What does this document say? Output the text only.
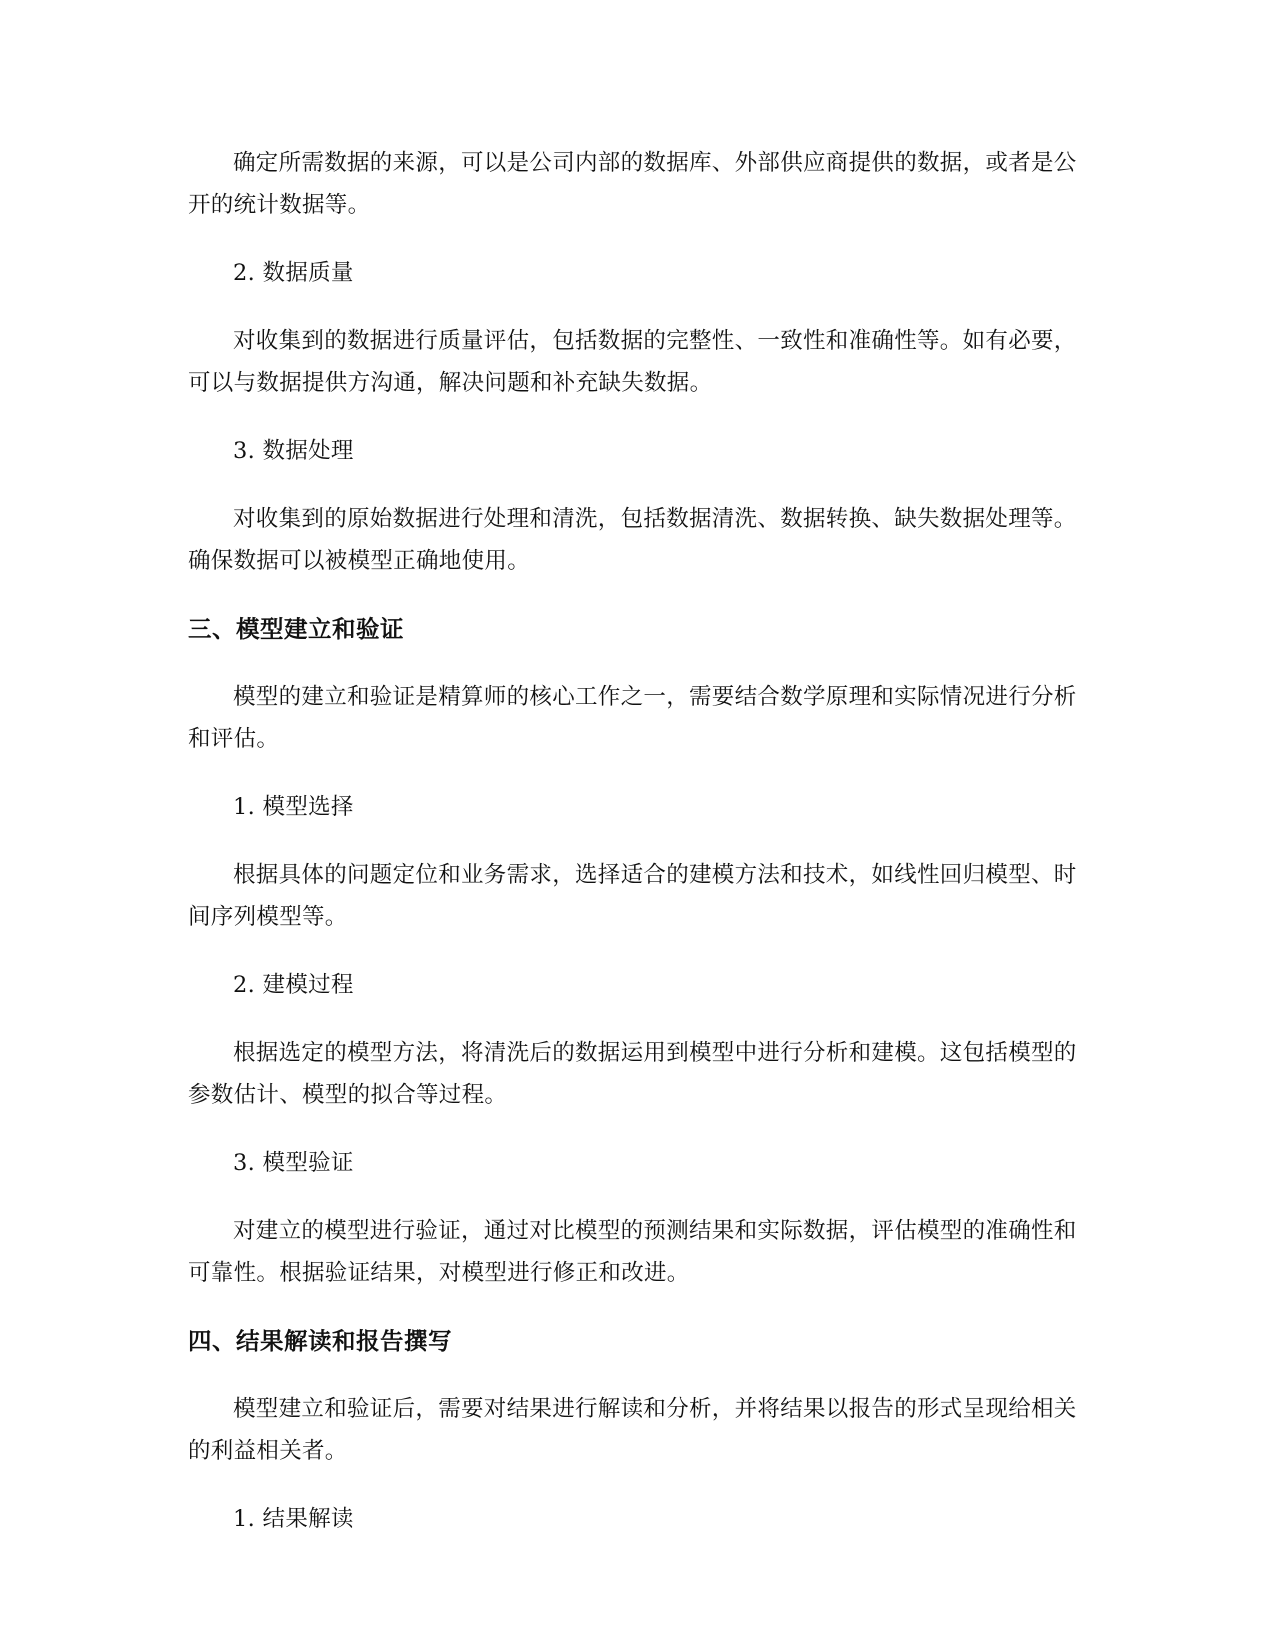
确定所需数据的来源，可以是公司内部的数据库、外部供应商提供的数据，或者是公开的统计数据等。

2. 数据质量

对收集到的数据进行质量评估，包括数据的完整性、一致性和准确性等。如有必要，可以与数据提供方沟通，解决问题和补充缺失数据。

3. 数据处理

对收集到的原始数据进行处理和清洗，包括数据清洗、数据转换、缺失数据处理等。确保数据可以被模型正确地使用。

三、模型建立和验证

模型的建立和验证是精算师的核心工作之一，需要结合数学原理和实际情况进行分析和评估。

1. 模型选择

根据具体的问题定位和业务需求，选择适合的建模方法和技术，如线性回归模型、时间序列模型等。

2. 建模过程

根据选定的模型方法，将清洗后的数据运用到模型中进行分析和建模。这包括模型的参数估计、模型的拟合等过程。

3. 模型验证

对建立的模型进行验证，通过对比模型的预测结果和实际数据，评估模型的准确性和可靠性。根据验证结果，对模型进行修正和改进。

四、结果解读和报告撰写

模型建立和验证后，需要对结果进行解读和分析，并将结果以报告的形式呈现给相关的利益相关者。

1. 结果解读
